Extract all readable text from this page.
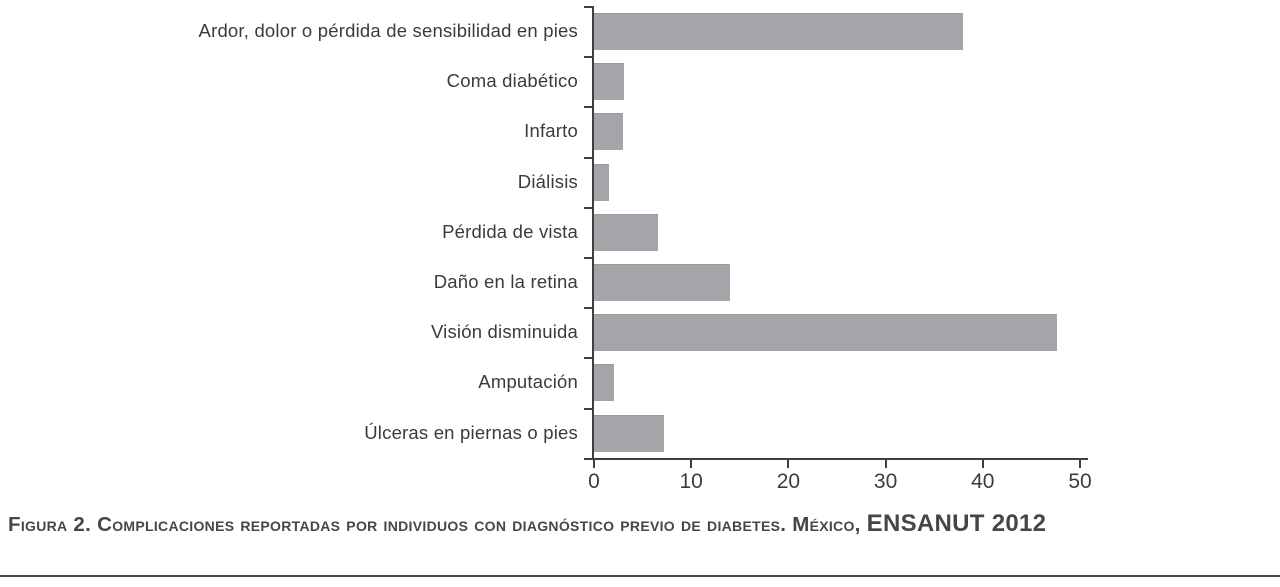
Ardor, dolor o pérdida de sensibilidad en pies
Coma diabético
Infarto
Diálisis
Pérdida de vista
Daño en la retina
Visión disminuida
Amputación
Úlceras en piernas o pies
0	10	20	30	40	50
Figura 2. Complicaciones reportadas por individuos con diagnóstico previo de diabetes. México, ENSANUT 2012
